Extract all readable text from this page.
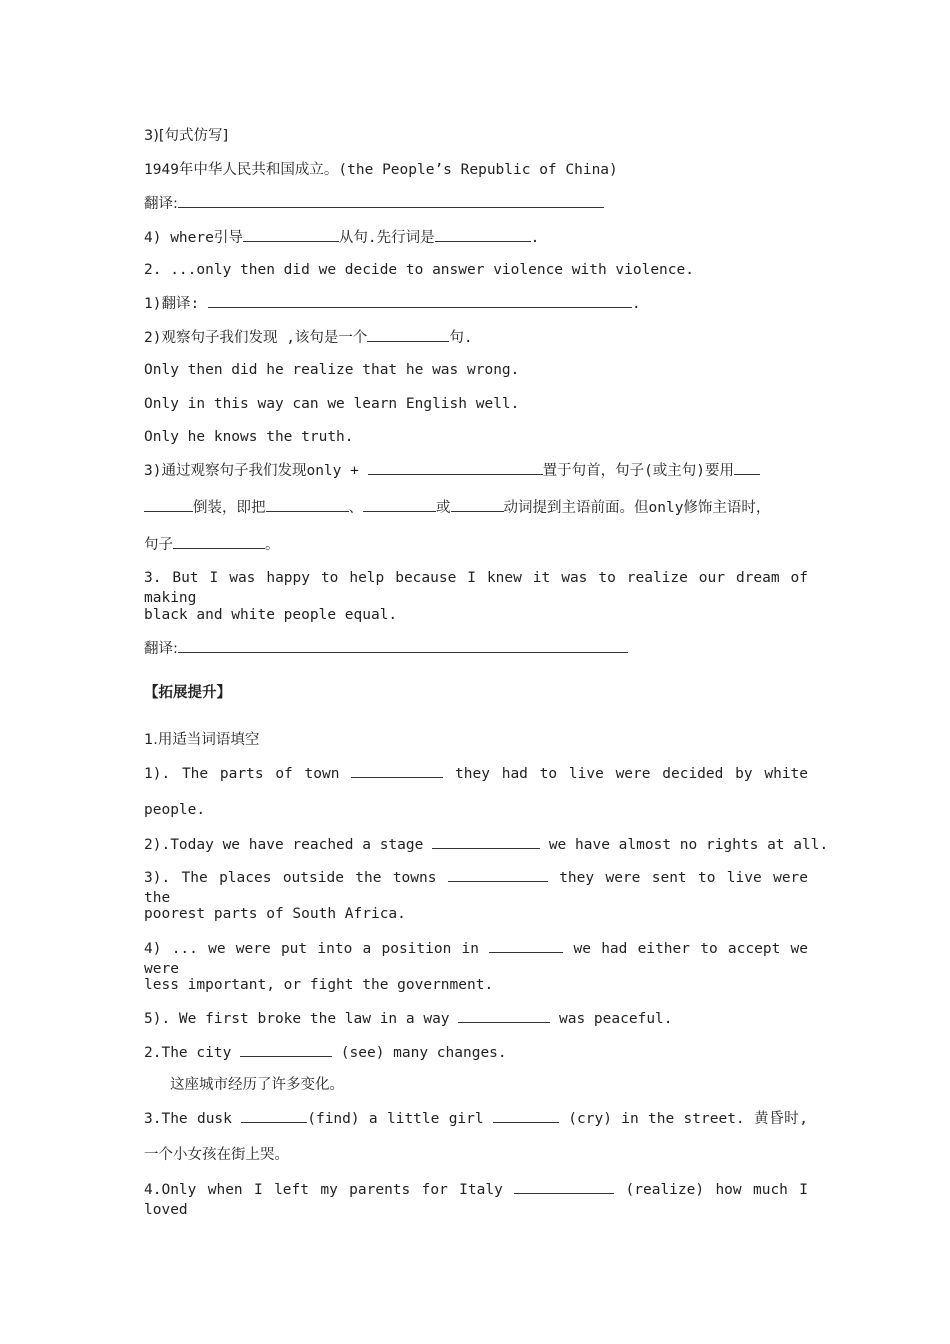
3)[句式仿写]
1949年中华人民共和国成立。(the People’s Republic of China)
翻译:
4) where引导	从句.先行词是	.
2. ...only then did we decide to answer violence with violence.
1)翻译:	.
2)观察句子我们发现 ,该句是一个	句.
Only then did he realize that he was wrong.
Only in this way can we learn English well.
Only he knows the truth.
3)通过观察句子我们发现only +	置于句首，句子(或主句)要用
倒装，即把	、	或	动词提到主语前面。但only修饰主语时，
句子	。
3. But I was happy to help because I knew it was to realize our dream of making
black and white people equal.
翻译:
【拓展提升】
1.用适当词语填空
1). The parts of town	they had to live were decided by white
people.
2).Today we have reached a stage	we have almost no rights at all.
3). The places outside the towns	they were sent to live were the
poorest parts of South Africa.
4) ... we were put into a position in	we had either to accept we were
less important, or fight the government.
5). We first broke the law in a way	was peaceful.
2.The city	(see) many changes.
这座城市经历了许多变化。
3.The dusk	(find) a little girl	(cry) in the street. 黄昏时,
一个小女孩在街上哭。
4.Only when I left my parents for Italy	(realize) how much I loved
